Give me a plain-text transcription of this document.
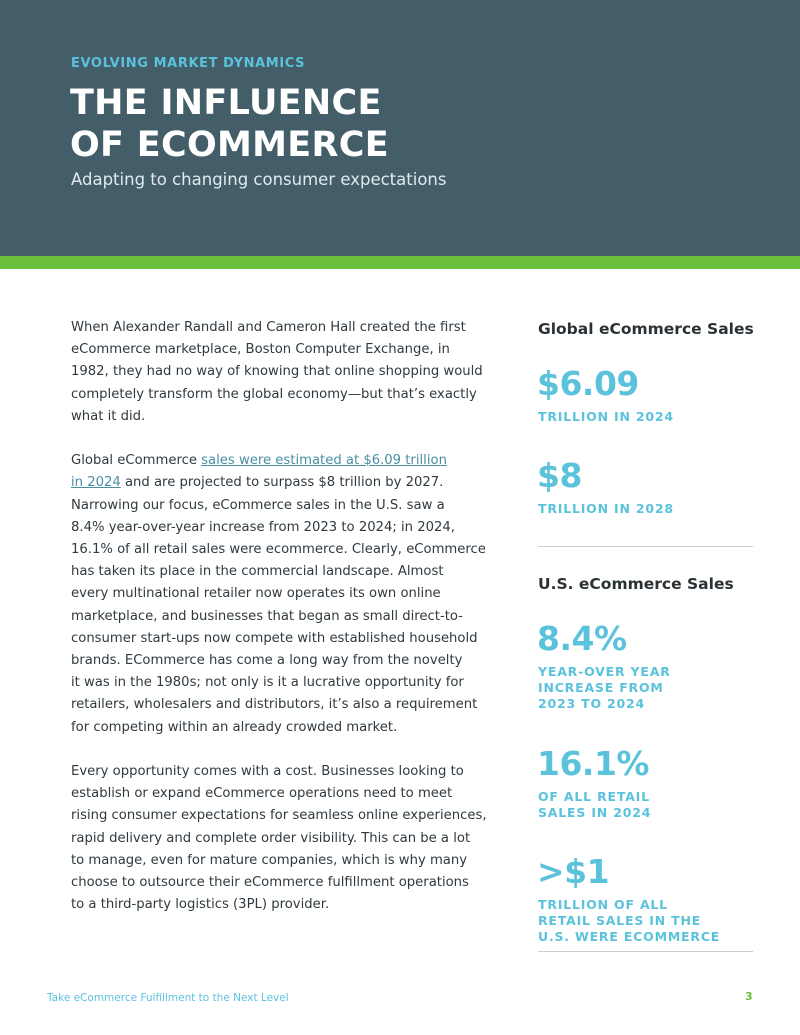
EVOLVING MARKET DYNAMICS
THE INFLUENCE
OF ECOMMERCE
Adapting to changing consumer expectations

When Alexander Randall and Cameron Hall created the first
eCommerce marketplace, Boston Computer Exchange, in
1982, they had no way of knowing that online shopping would
completely transform the global economy—but that’s exactly
what it did.

Global eCommerce sales were estimated at $6.09 trillion
in 2024 and are projected to surpass $8 trillion by 2027.
Narrowing our focus, eCommerce sales in the U.S. saw a
8.4% year-over-year increase from 2023 to 2024; in 2024,
16.1% of all retail sales were ecommerce. Clearly, eCommerce
has taken its place in the commercial landscape. Almost
every multinational retailer now operates its own online
marketplace, and businesses that began as small direct-to-
consumer start-ups now compete with established household
brands. ECommerce has come a long way from the novelty
it was in the 1980s; not only is it a lucrative opportunity for
retailers, wholesalers and distributors, it’s also a requirement
for competing within an already crowded market.

Every opportunity comes with a cost. Businesses looking to
establish or expand eCommerce operations need to meet
rising consumer expectations for seamless online experiences,
rapid delivery and complete order visibility. This can be a lot
to manage, even for mature companies, which is why many
choose to outsource their eCommerce fulfillment operations
to a third-party logistics (3PL) provider.

Global eCommerce Sales
$6.09
TRILLION IN 2024
$8
TRILLION IN 2028
U.S. eCommerce Sales
8.4%
YEAR-OVER YEAR
INCREASE FROM
2023 TO 2024
16.1%
OF ALL RETAIL
SALES IN 2024
>$1
TRILLION OF ALL
RETAIL SALES IN THE
U.S. WERE ECOMMERCE
Take eCommerce Fulfillment to the Next Level	3
